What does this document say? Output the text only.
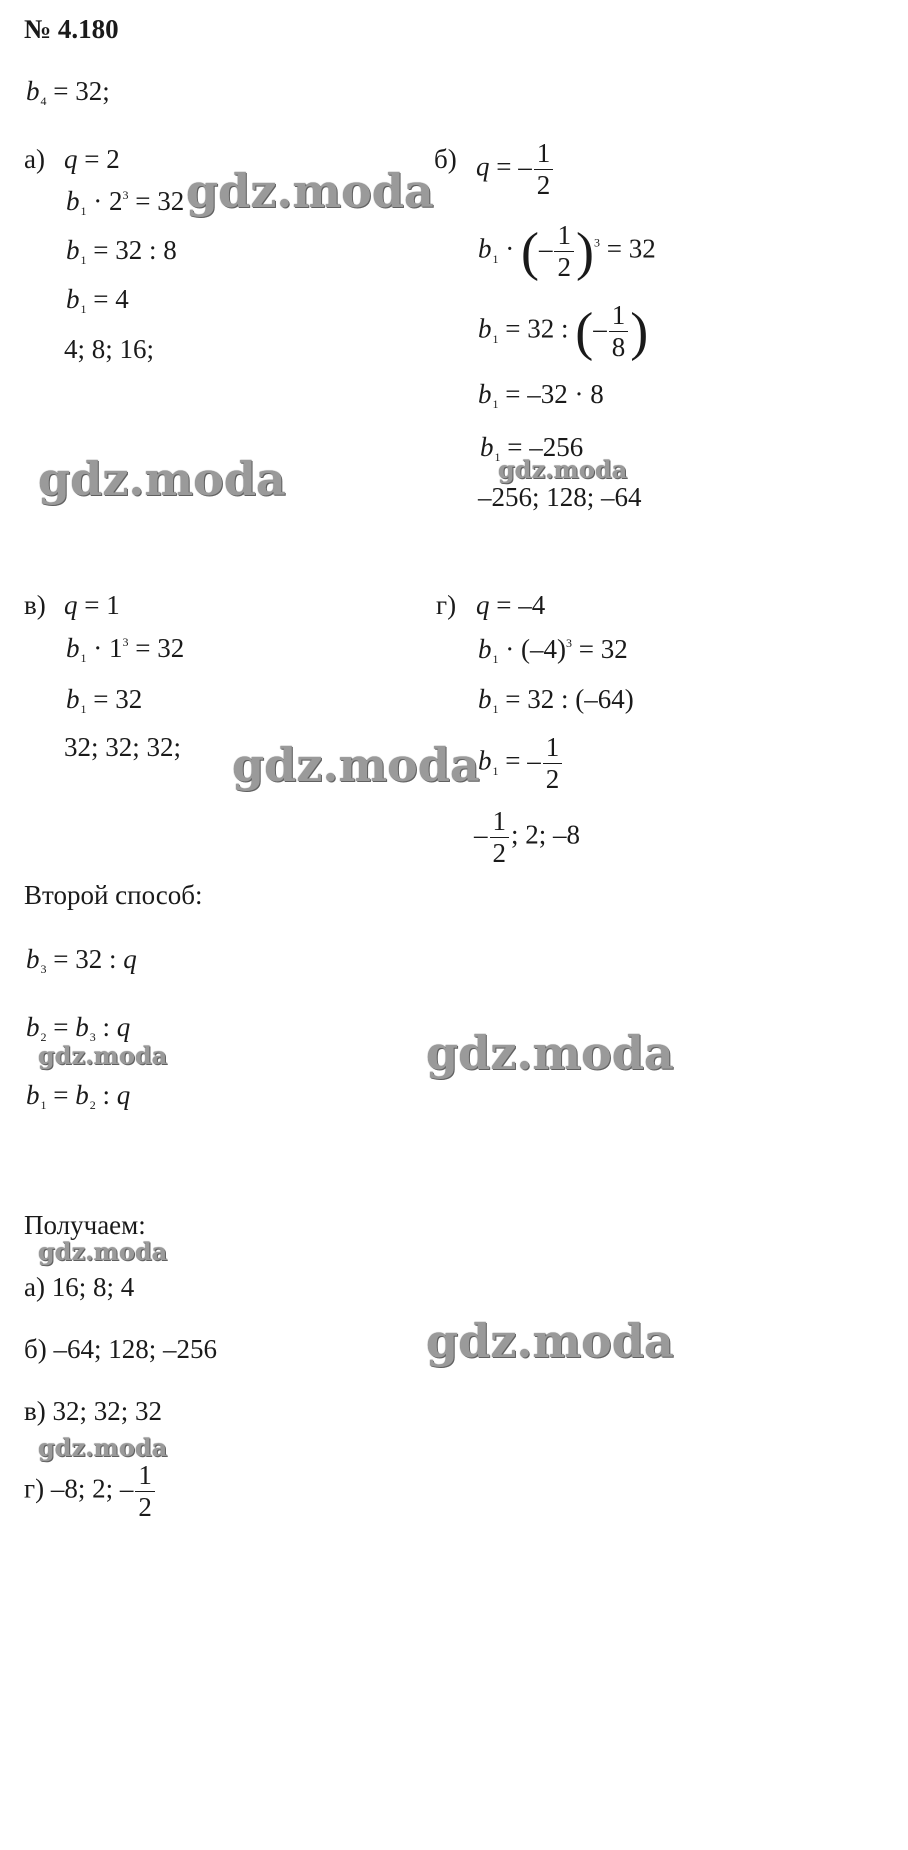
№ 4.180
$b_4 = 32$;
а) q = 2
$b_1 \cdot 2^3 = 32$
$b_1 = 32$ : 8
$b_1 = 4$
4; 8; 16;
б) q = – $\frac{1}{2}$
$b_1$ · (– $\frac{1}{2} )^3 = 32$
$b_1 = 32$ : (– $\frac{1}{8}$ )
$b_1 = -32 \cdot 8$
$b_1 = -256$
–256; 128; –64
в) q = 1
$b_1 \cdot 1^3 = 32$
$b_1 = 32$
32; 32; 32;
г) q = –4
$b_1 \cdot (-4)^3 = 32$
$b_1 = 32$ : (–64)
$b_1$ = – $\frac{1}{2}$
– $\frac{1}{2}$ ; 2; –8
Второй способ:
$b_3 = 32$ : q
$b_2 = b_3$ : q
$b_1 = b_2$ : q
Получаем:
а) 16; 8; 4
б) –64; 128; –256
в) 32; 32; 32
г) –8; 2; – $\frac{1}{2}$
gdz.moda
gdz.moda	gdz.moda
gdz.moda
gdz.moda	gdz.moda
gdz.moda
gdz.moda
gdz.moda
